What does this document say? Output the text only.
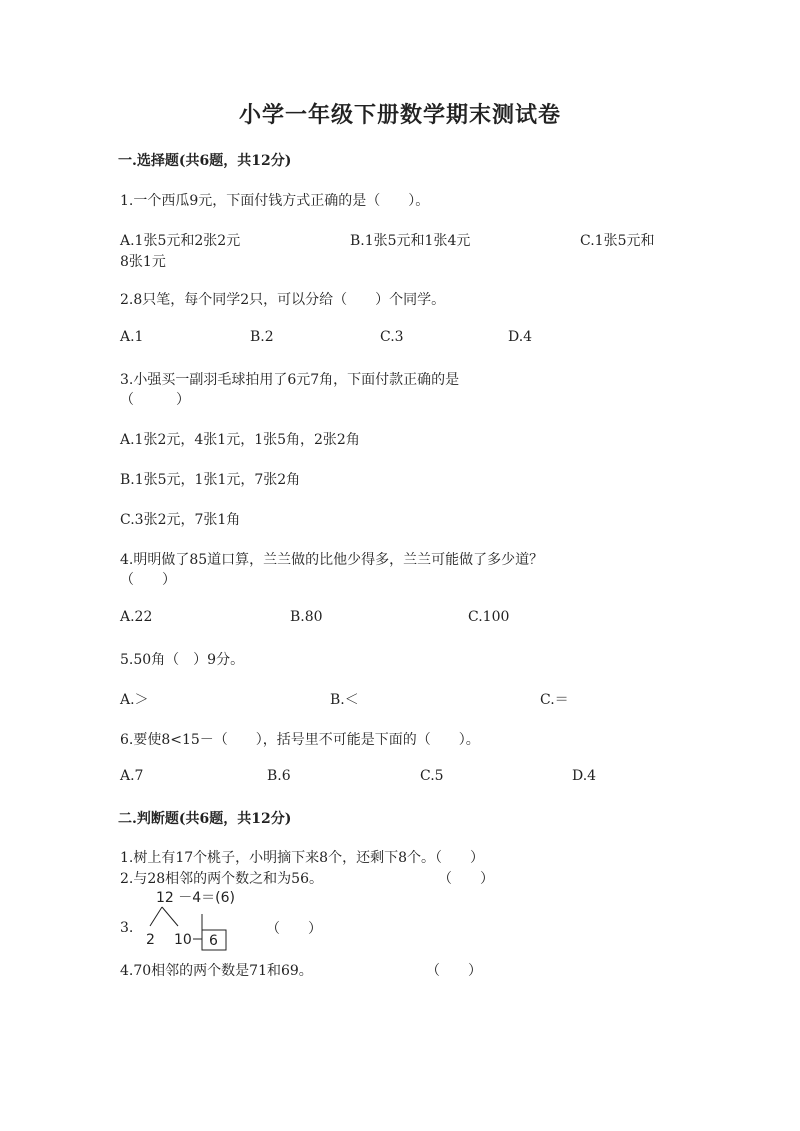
小学一年级下册数学期末测试卷
一.选择题(共6题，共12分)
1.一个西瓜9元，下面付钱方式正确的是（　　）。
A.1张5元和2张2元	B.1张5元和1张4元	C.1张5元和
8张1元
2.8只笔，每个同学2只，可以分给（　　）个同学。
A.1	B.2	C.3	D.4
3.小强买一副羽毛球拍用了6元7角，下面付款正确的是
（　　　）
A.1张2元，4张1元，1张5角，2张2角
B.1张5元，1张1元，7张2角
C.3张2元，7张1角
4.明明做了85道口算，兰兰做的比他少得多，兰兰可能做了多少道？
（　　）
A.22	B.80	C.100
5.50角（　）9分。
A.＞	B.＜	C.＝
6.要使8<15－（　　），括号里不可能是下面的（　　）。
A.7	B.6	C.5	D.4
二.判断题(共6题，共12分)
1.树上有17个桃子，小明摘下来8个，还剩下8个。（　　）
2.与28相邻的两个数之和为56。	（　　）
3.
12 －4＝(6)
2 10 6
（　　）
4.70相邻的两个数是71和69。	（　　）
